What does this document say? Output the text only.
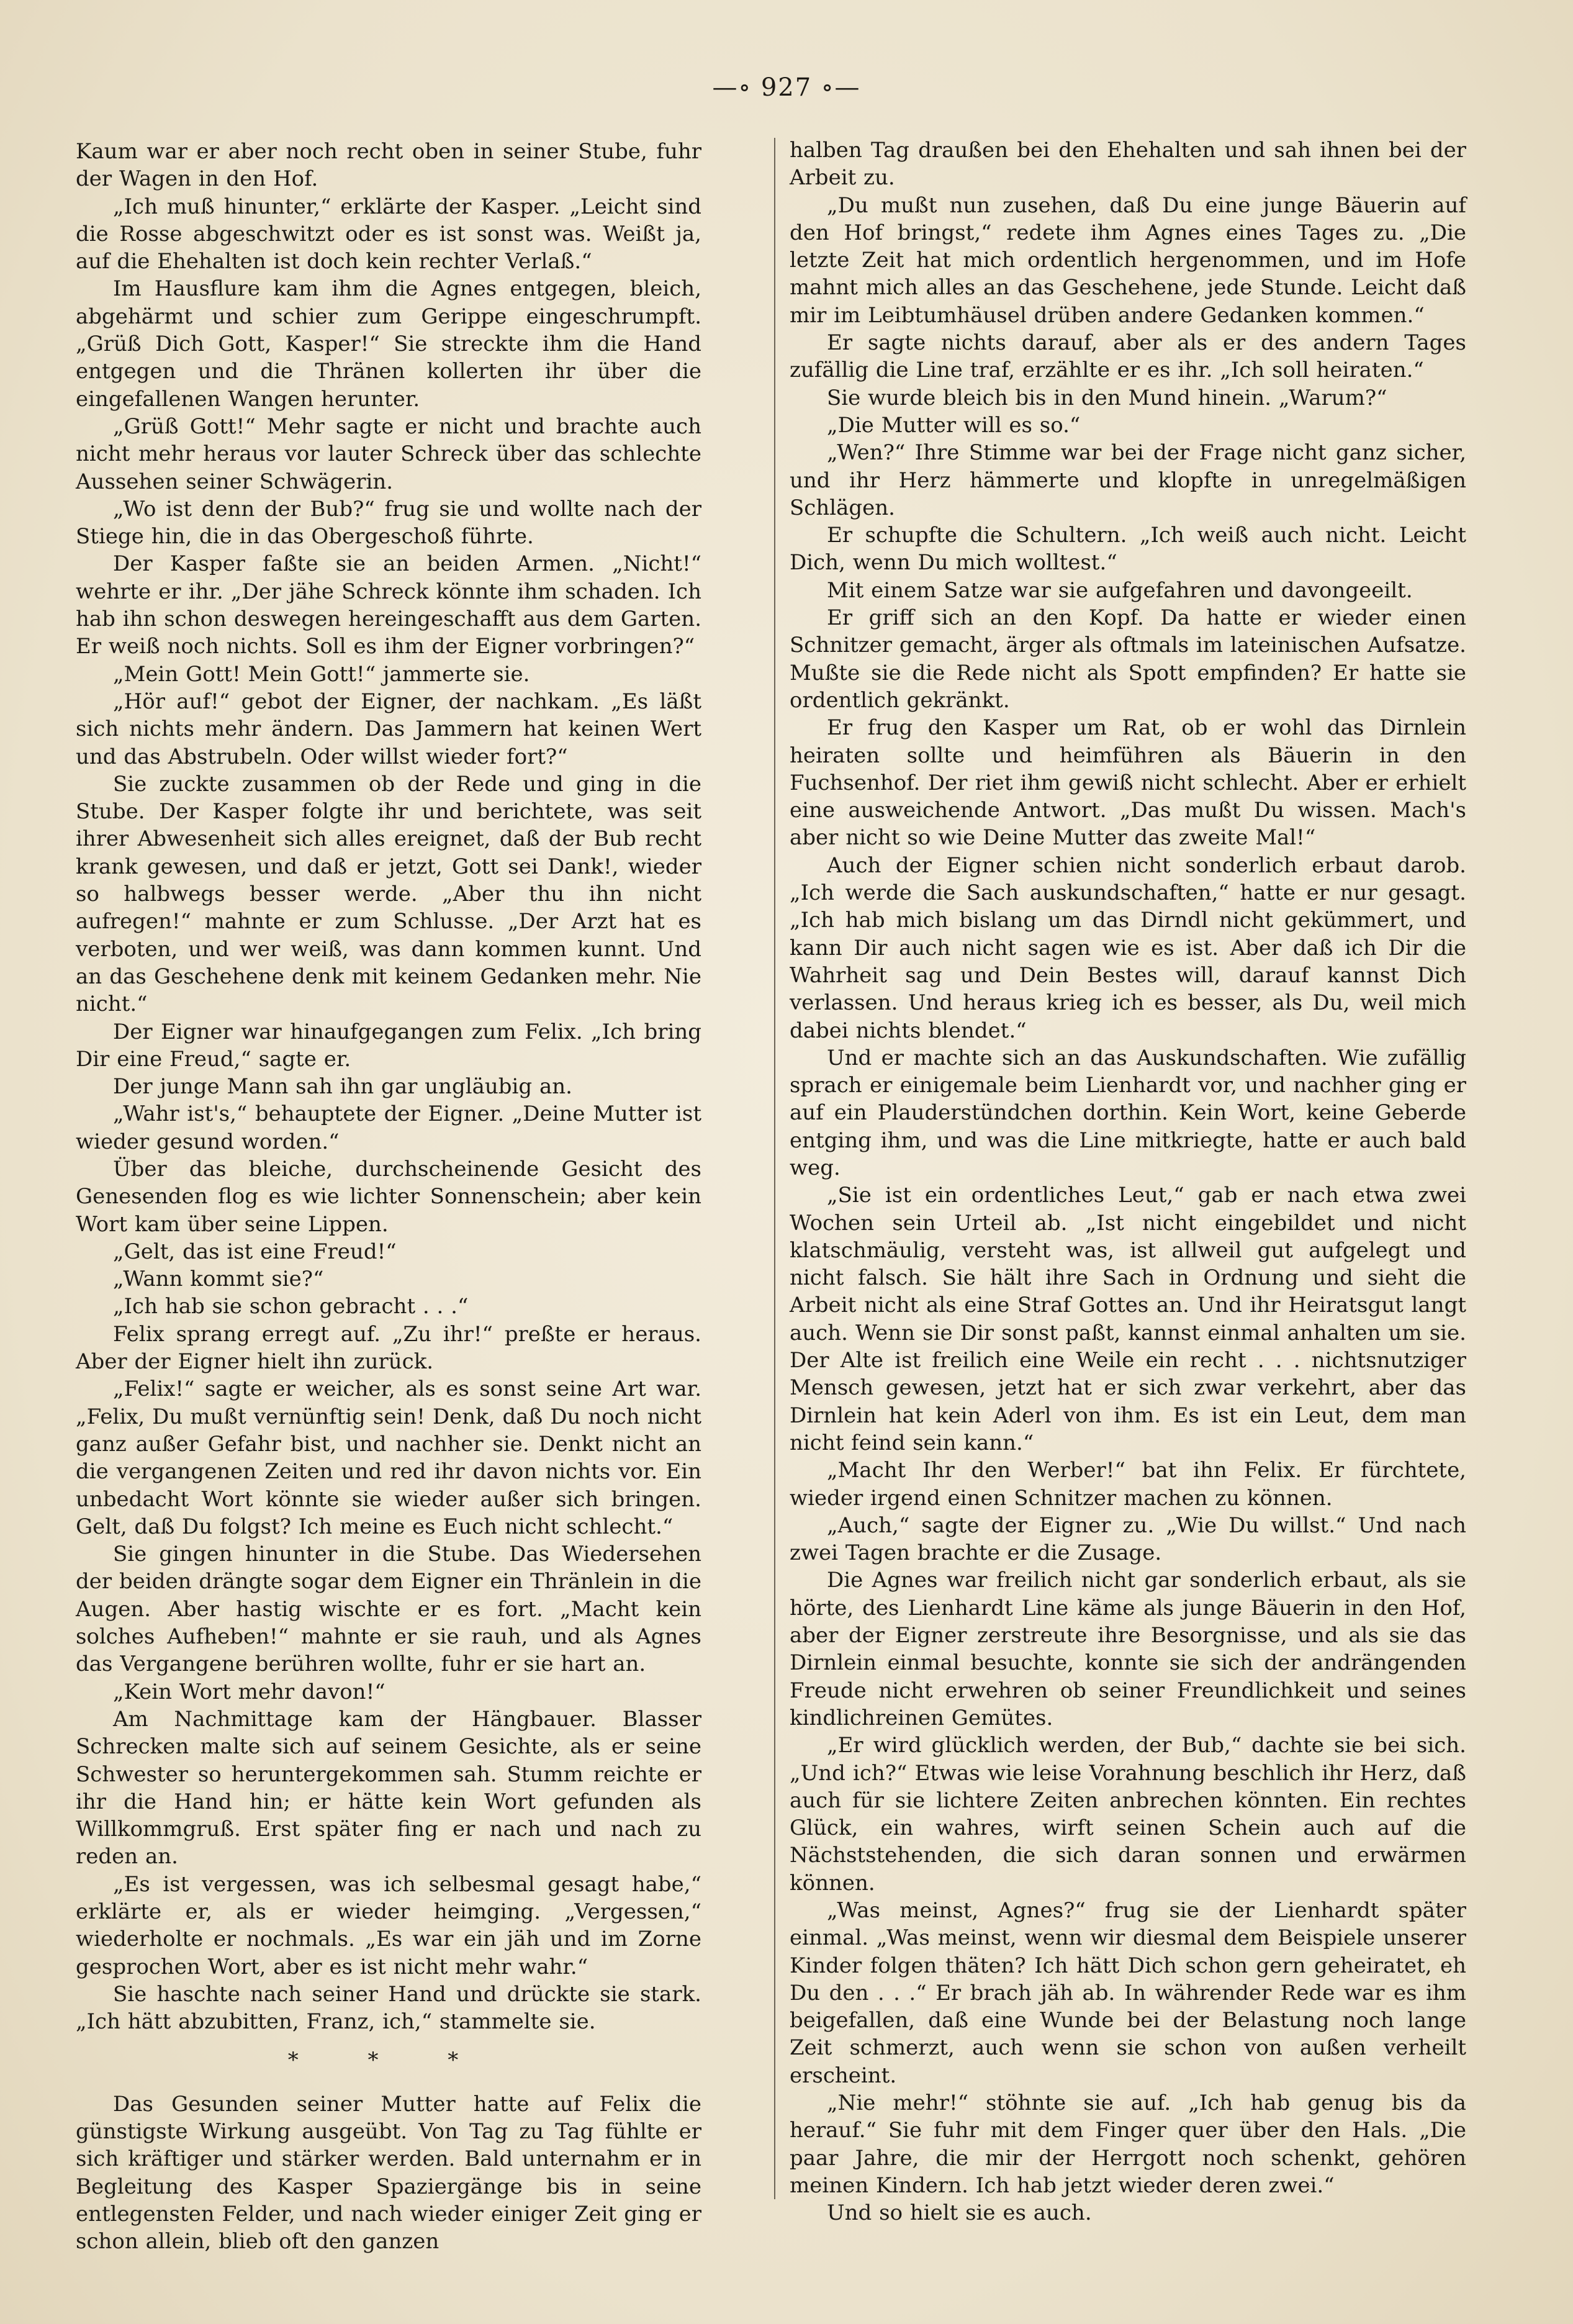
—∘ 927 ∘—

Kaum war er aber noch recht oben in seiner Stube, fuhr der Wagen in den Hof.

„Ich muß hinunter,“ erklärte der Kasper. „Leicht sind die Rosse abgeschwitzt oder es ist sonst was. Weißt ja, auf die Ehehalten ist doch kein rechter Verlaß.“

Im Hausflure kam ihm die Agnes entgegen, bleich, abgehärmt und schier zum Gerippe eingeschrumpft. „Grüß Dich Gott, Kasper!“ Sie streckte ihm die Hand entgegen und die Thränen kollerten ihr über die eingefallenen Wangen herunter.

„Grüß Gott!“ Mehr sagte er nicht und brachte auch nicht mehr heraus vor lauter Schreck über das schlechte Aussehen seiner Schwägerin.

„Wo ist denn der Bub?“ frug sie und wollte nach der Stiege hin, die in das Obergeschoß führte.

Der Kasper faßte sie an beiden Armen. „Nicht!“ wehrte er ihr. „Der jähe Schreck könnte ihm schaden. Ich hab ihn schon deswegen hereingeschafft aus dem Garten. Er weiß noch nichts. Soll es ihm der Eigner vorbringen?“

„Mein Gott! Mein Gott!“ jammerte sie.

„Hör auf!“ gebot der Eigner, der nachkam. „Es läßt sich nichts mehr ändern. Das Jammern hat keinen Wert und das Abstrubeln. Oder willst wieder fort?“

Sie zuckte zusammen ob der Rede und ging in die Stube. Der Kasper folgte ihr und berichtete, was seit ihrer Abwesenheit sich alles ereignet, daß der Bub recht krank gewesen, und daß er jetzt, Gott sei Dank!, wieder so halbwegs besser werde. „Aber thu ihn nicht aufregen!“ mahnte er zum Schlusse. „Der Arzt hat es verboten, und wer weiß, was dann kommen kunnt. Und an das Geschehene denk mit keinem Gedanken mehr. Nie nicht.“

Der Eigner war hinaufgegangen zum Felix. „Ich bring Dir eine Freud,“ sagte er.

Der junge Mann sah ihn gar ungläubig an.

„Wahr ist's,“ behauptete der Eigner. „Deine Mutter ist wieder gesund worden.“

Über das bleiche, durchscheinende Gesicht des Genesenden flog es wie lichter Sonnenschein; aber kein Wort kam über seine Lippen.

„Gelt, das ist eine Freud!“

„Wann kommt sie?“

„Ich hab sie schon gebracht . . .“

Felix sprang erregt auf. „Zu ihr!“ preßte er heraus. Aber der Eigner hielt ihn zurück.

„Felix!“ sagte er weicher, als es sonst seine Art war. „Felix, Du mußt vernünftig sein! Denk, daß Du noch nicht ganz außer Gefahr bist, und nachher sie. Denkt nicht an die vergangenen Zeiten und red ihr davon nichts vor. Ein unbedacht Wort könnte sie wieder außer sich bringen. Gelt, daß Du folgst? Ich meine es Euch nicht schlecht.“

Sie gingen hinunter in die Stube. Das Wiedersehen der beiden drängte sogar dem Eigner ein Thränlein in die Augen. Aber hastig wischte er es fort. „Macht kein solches Aufheben!“ mahnte er sie rauh, und als Agnes das Vergangene berühren wollte, fuhr er sie hart an.

„Kein Wort mehr davon!“

Am Nachmittage kam der Hängbauer. Blasser Schrecken malte sich auf seinem Gesichte, als er seine Schwester so heruntergekommen sah. Stumm reichte er ihr die Hand hin; er hätte kein Wort gefunden als Willkommgruß. Erst später fing er nach und nach zu reden an.

„Es ist vergessen, was ich selbesmal gesagt habe,“ erklärte er, als er wieder heimging. „Vergessen,“ wiederholte er nochmals. „Es war ein jäh und im Zorne gesprochen Wort, aber es ist nicht mehr wahr.“

Sie haschte nach seiner Hand und drückte sie stark. „Ich hätt abzubitten, Franz, ich,“ stammelte sie.

* * *

Das Gesunden seiner Mutter hatte auf Felix die günstigste Wirkung ausgeübt. Von Tag zu Tag fühlte er sich kräftiger und stärker werden. Bald unternahm er in Begleitung des Kasper Spaziergänge bis in seine entlegensten Felder, und nach wieder einiger Zeit ging er schon allein, blieb oft den ganzen

halben Tag draußen bei den Ehehalten und sah ihnen bei der Arbeit zu.

„Du mußt nun zusehen, daß Du eine junge Bäuerin auf den Hof bringst,“ redete ihm Agnes eines Tages zu. „Die letzte Zeit hat mich ordentlich hergenommen, und im Hofe mahnt mich alles an das Geschehene, jede Stunde. Leicht daß mir im Leibtumhäusel drüben andere Gedanken kommen.“

Er sagte nichts darauf, aber als er des andern Tages zufällig die Line traf, erzählte er es ihr. „Ich soll heiraten.“

Sie wurde bleich bis in den Mund hinein. „Warum?“

„Die Mutter will es so.“

„Wen?“ Ihre Stimme war bei der Frage nicht ganz sicher, und ihr Herz hämmerte und klopfte in unregelmäßigen Schlägen.

Er schupfte die Schultern. „Ich weiß auch nicht. Leicht Dich, wenn Du mich wolltest.“

Mit einem Satze war sie aufgefahren und davongeeilt.

Er griff sich an den Kopf. Da hatte er wieder einen Schnitzer gemacht, ärger als oftmals im lateinischen Aufsatze. Mußte sie die Rede nicht als Spott empfinden? Er hatte sie ordentlich gekränkt.

Er frug den Kasper um Rat, ob er wohl das Dirnlein heiraten sollte und heimführen als Bäuerin in den Fuchsenhof. Der riet ihm gewiß nicht schlecht. Aber er erhielt eine ausweichende Antwort. „Das mußt Du wissen. Mach's aber nicht so wie Deine Mutter das zweite Mal!“

Auch der Eigner schien nicht sonderlich erbaut darob. „Ich werde die Sach auskundschaften,“ hatte er nur gesagt. „Ich hab mich bislang um das Dirndl nicht gekümmert, und kann Dir auch nicht sagen wie es ist. Aber daß ich Dir die Wahrheit sag und Dein Bestes will, darauf kannst Dich verlassen. Und heraus krieg ich es besser, als Du, weil mich dabei nichts blendet.“

Und er machte sich an das Auskundschaften. Wie zufällig sprach er einigemale beim Lienhardt vor, und nachher ging er auf ein Plauderstündchen dorthin. Kein Wort, keine Geberde entging ihm, und was die Line mitkriegte, hatte er auch bald weg.

„Sie ist ein ordentliches Leut,“ gab er nach etwa zwei Wochen sein Urteil ab. „Ist nicht eingebildet und nicht klatschmäulig, versteht was, ist allweil gut aufgelegt und nicht falsch. Sie hält ihre Sach in Ordnung und sieht die Arbeit nicht als eine Straf Gottes an. Und ihr Heiratsgut langt auch. Wenn sie Dir sonst paßt, kannst einmal anhalten um sie. Der Alte ist freilich eine Weile ein recht . . . nichtsnutziger Mensch gewesen, jetzt hat er sich zwar verkehrt, aber das Dirnlein hat kein Aderl von ihm. Es ist ein Leut, dem man nicht feind sein kann.“

„Macht Ihr den Werber!“ bat ihn Felix. Er fürchtete, wieder irgend einen Schnitzer machen zu können.

„Auch,“ sagte der Eigner zu. „Wie Du willst.“ Und nach zwei Tagen brachte er die Zusage.

Die Agnes war freilich nicht gar sonderlich erbaut, als sie hörte, des Lienhardt Line käme als junge Bäuerin in den Hof, aber der Eigner zerstreute ihre Besorgnisse, und als sie das Dirnlein einmal besuchte, konnte sie sich der andrängenden Freude nicht erwehren ob seiner Freundlichkeit und seines kindlichreinen Gemütes.

„Er wird glücklich werden, der Bub,“ dachte sie bei sich. „Und ich?“ Etwas wie leise Vorahnung beschlich ihr Herz, daß auch für sie lichtere Zeiten anbrechen könnten. Ein rechtes Glück, ein wahres, wirft seinen Schein auch auf die Nächststehenden, die sich daran sonnen und erwärmen können.

„Was meinst, Agnes?“ frug sie der Lienhardt später einmal. „Was meinst, wenn wir diesmal dem Beispiele unserer Kinder folgen thäten? Ich hätt Dich schon gern geheiratet, eh Du den . . .“ Er brach jäh ab. In währender Rede war es ihm beigefallen, daß eine Wunde bei der Belastung noch lange Zeit schmerzt, auch wenn sie schon von außen verheilt erscheint.

„Nie mehr!“ stöhnte sie auf. „Ich hab genug bis da herauf.“ Sie fuhr mit dem Finger quer über den Hals. „Die paar Jahre, die mir der Herrgott noch schenkt, gehören meinen Kindern. Ich hab jetzt wieder deren zwei.“

Und so hielt sie es auch.
